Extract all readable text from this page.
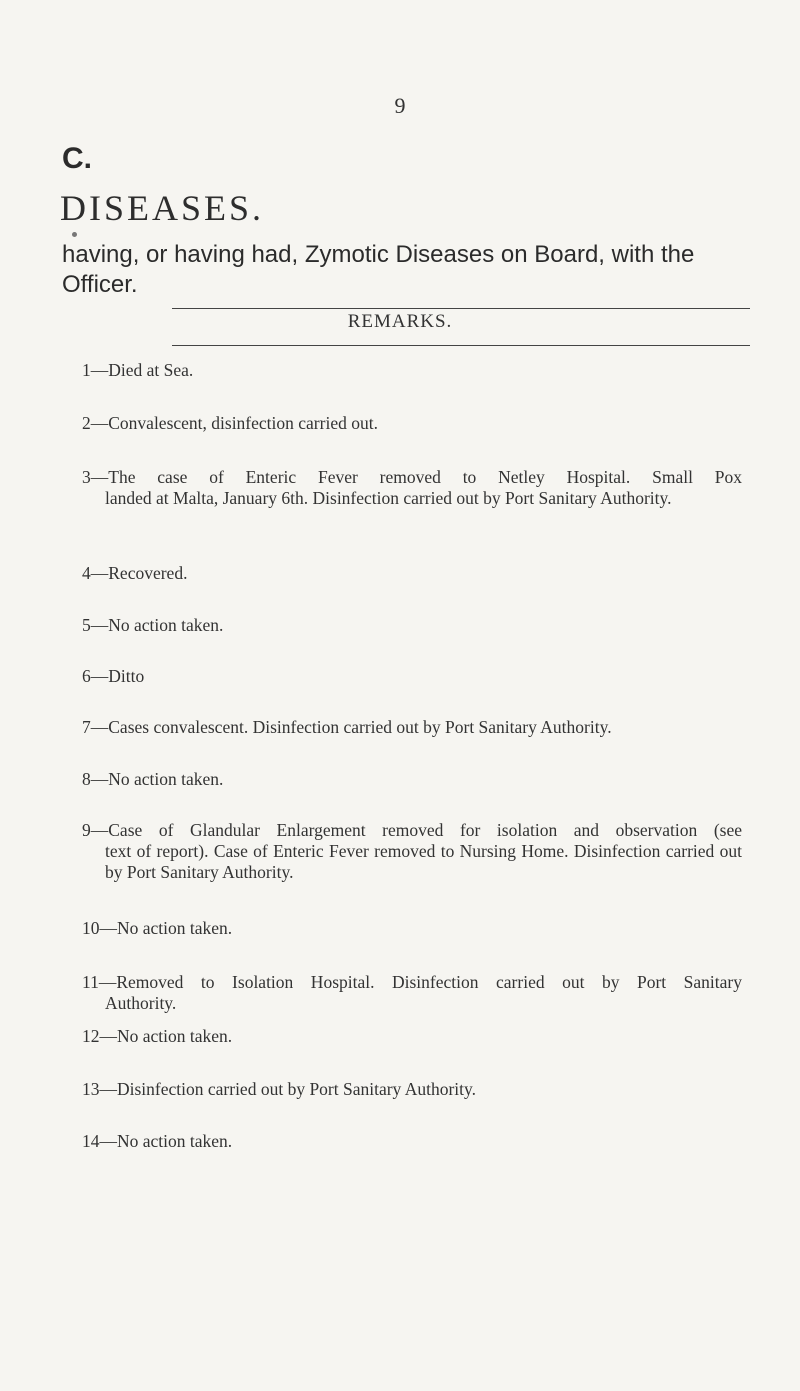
9
C.
DISEASES.
having, or having had, Zymotic Diseases on Board, with the Officer.
REMARKS.
1—Died at Sea.
2—Convalescent, disinfection carried out.
3—The case of Enteric Fever removed to Netley Hospital. Small Pox
landed at Malta, January 6th. Disinfection carried out by Port Sanitary Authority.
4—Recovered.
5—No action taken.
6—Ditto
7—Cases convalescent. Disinfection carried out by Port Sanitary Authority.
8—No action taken.
9—Case of Glandular Enlargement removed for isolation and observation (see
text of report). Case of Enteric Fever removed to Nursing Home. Disinfection carried out by Port Sanitary Authority.
10—No action taken.
11—Removed to Isolation Hospital. Disinfection carried out by Port Sanitary
Authority.
12—No action taken.
13—Disinfection carried out by Port Sanitary Authority.
14—No action taken.
